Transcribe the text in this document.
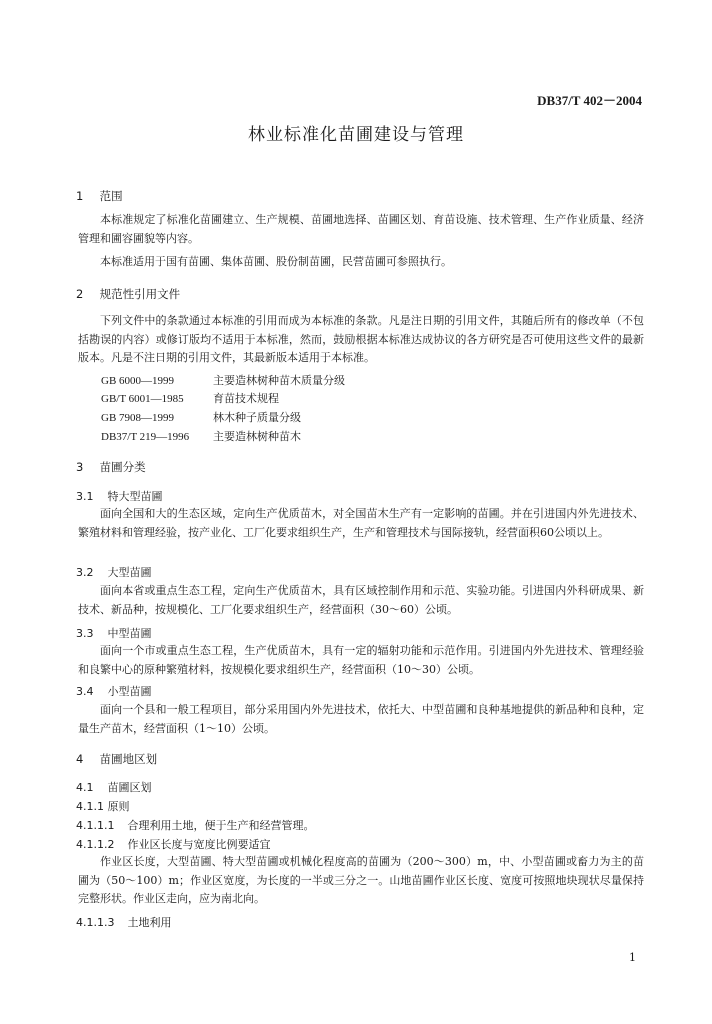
DB37/T 402－2004
林业标准化苗圃建设与管理
1 范围
本标准规定了标准化苗圃建立、生产规模、苗圃地选择、苗圃区划、育苗设施、技术管理、生产作业质量、经济管理和圃容圃貌等内容。
本标准适用于国有苗圃、集体苗圃、股份制苗圃，民营苗圃可参照执行。
2 规范性引用文件
下列文件中的条款通过本标准的引用而成为本标准的条款。凡是注日期的引用文件，其随后所有的修改单（不包括勘误的内容）或修订版均不适用于本标准，然而，鼓励根据本标准达成协议的各方研究是否可使用这些文件的最新版本。凡是不注日期的引用文件，其最新版本适用于本标准。
GB 6000—1999	主要造林树种苗木质量分级
GB/T 6001—1985	育苗技术规程
GB 7908—1999	林木种子质量分级
DB37/T 219—1996 主要造林树种苗木
3 苗圃分类
3.1 特大型苗圃
面向全国和大的生态区域，定向生产优质苗木，对全国苗木生产有一定影响的苗圃。并在引进国内外先进技术、繁殖材料和管理经验，按产业化、工厂化要求组织生产，生产和管理技术与国际接轨，经营面积60公顷以上。
3.2 大型苗圃
面向本省或重点生态工程，定向生产优质苗木，具有区域控制作用和示范、实验功能。引进国内外科研成果、新技术、新品种，按规模化、工厂化要求组织生产，经营面积（30～60）公顷。
3.3 中型苗圃
面向一个市或重点生态工程，生产优质苗木，具有一定的辐射功能和示范作用。引进国内外先进技术、管理经验和良繁中心的原种繁殖材料，按规模化要求组织生产，经营面积（10～30）公顷。
3.4 小型苗圃
面向一个县和一般工程项目，部分采用国内外先进技术，依托大、中型苗圃和良种基地提供的新品种和良种，定量生产苗木，经营面积（1～10）公顷。
4 苗圃地区划
4.1 苗圃区划
4.1.1 原则
4.1.1.1 合理利用土地，便于生产和经营管理。
4.1.1.2 作业区长度与宽度比例要适宜
作业区长度，大型苗圃、特大型苗圃或机械化程度高的苗圃为（200～300）m，中、小型苗圃或畜力为主的苗圃为（50～100）m；作业区宽度，为长度的一半或三分之一。山地苗圃作业区长度、宽度可按照地块现状尽量保持完整形状。作业区走向，应为南北向。
4.1.1.3 土地利用
1
